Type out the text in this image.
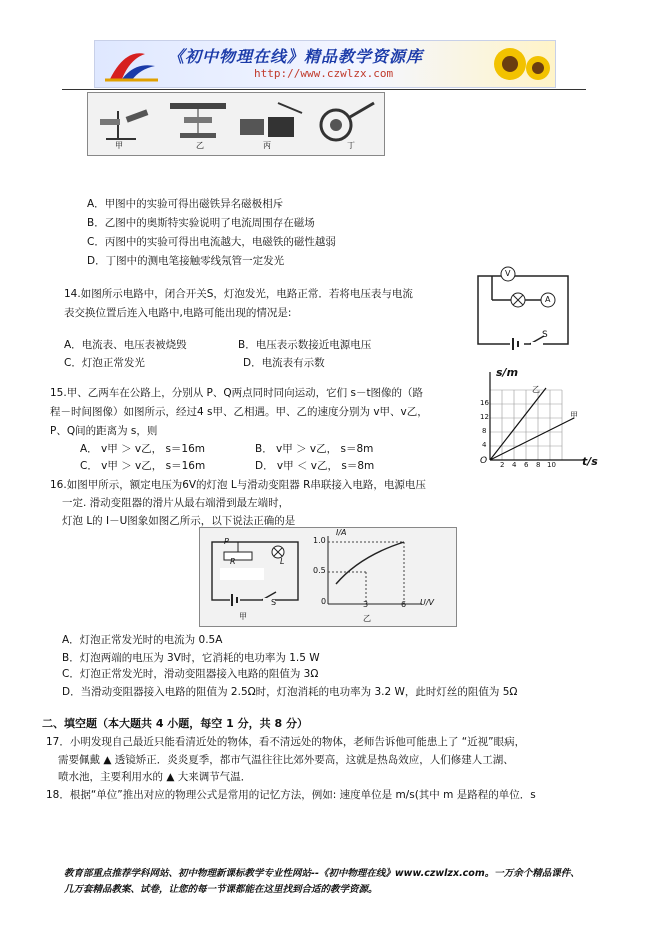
《初中物理在线》精品教学资源库
http://www.czwlzx.com
甲	乙	丙	丁
A．甲图中的实验可得出磁铁异名磁极相斥
B．乙图中的奥斯特实验说明了电流周围存在磁场
C．丙图中的实验可得出电流越大，电磁铁的磁性越弱
D．丁图中的测电笔接触零线氖管一定发光
14.如图所示电路中，闭合开关S，灯泡发光，电路正常．若将电压表与电流
表交换位置后连入电路中,电路可能出现的情况是:
A．电流表、电压表被烧毁	B．电压表示数接近电源电压
C．灯泡正常发光	D．电流表有示数
V
A
S
15.甲、乙两车在公路上，分别从 P、Q两点同时同向运动，它们 s－t图像的（路
程－时间图像）如图所示，经过4 s甲、乙相遇。甲、乙的速度分别为 v甲、v乙，
P、Q间的距离为 s，则
A． v甲 ＞ v乙， s＝16m	B． v甲 ＞ v乙， s＝8m
C． v甲 ＞ v乙， s＝16m	D． v甲 ＜ v乙， s＝8m
s/m
t/s
O 2 4 6 8 10
4
8
12
16
乙
甲
16.如图甲所示，额定电压为6V的灯泡 L与滑动变阻器 R串联接入电路，电源电压
一定. 滑动变阻器的滑片从最右端滑到最左端时，
灯泡 L的 I－U图象如图乙所示，以下说法正确的是
P
R	L
S
甲	乙
I/A
U/V
1.0
0.5
0	3	6
A．灯泡正常发光时的电流为 0.5A
B．灯泡两端的电压为 3V时，它消耗的电功率为 1.5 W
C．灯泡正常发光时，滑动变阻器接入电路的阻值为 3Ω
D．当滑动变阻器接入电路的阻值为 2.5Ω时，灯泡消耗的电功率为 3.2 W，此时灯丝的阻值为 5Ω
二、填空题（本大题共 4 小题，每空 1 分，共 8 分）
17．小明发现自己最近只能看清近处的物体，看不清远处的物体，老师告诉他可能患上了 “近视”眼病，
需要佩戴 ▲ 透镜矫正．炎炎夏季，都市气温往往比郊外要高，这就是热岛效应，人们修建人工湖、
喷水池，主要利用水的 ▲ 大来调节气温．
18．根据“单位”推出对应的物理公式是常用的记忆方法，例如: 速度单位是 m/s(其中 m 是路程的单位．s
教育部重点推荐学科网站、初中物理新课标教学专业性网站--《初中物理在线》www.czwlzx.com。一万余个精品课件、
几万套精品教案、试卷，让您的每一节课都能在这里找到合适的教学资源。
